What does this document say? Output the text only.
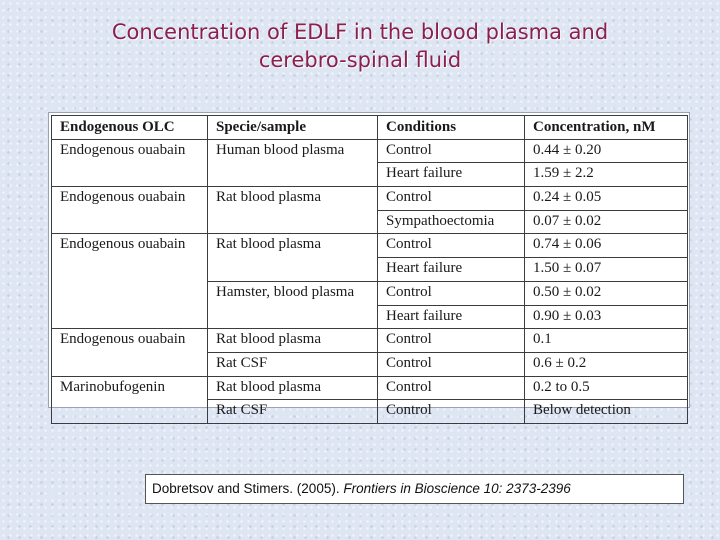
Concentration of EDLF in the blood plasma and
cerebro-spinal fluid
Endogenous OLC	Specie/sample	Conditions	Concentration, nM
Endogenous ouabain	Human blood plasma	Control	0.44 ± 0.20
		Heart failure	1.59 ± 2.2
Endogenous ouabain	Rat blood plasma	Control	0.24 ± 0.05
		Sympathoectomia	0.07 ± 0.02
Endogenous ouabain	Rat blood plasma	Control	0.74 ± 0.06
		Heart failure	1.50 ± 0.07
	Hamster, blood plasma	Control	0.50 ± 0.02
		Heart failure	0.90 ± 0.03
Endogenous ouabain	Rat blood plasma	Control	0.1
	Rat CSF	Control	0.6 ± 0.2
Marinobufogenin	Rat blood plasma	Control	0.2 to 0.5
	Rat CSF	Control	Below detection
Dobretsov and Stimers. (2005). Frontiers in Bioscience 10: 2373-2396
